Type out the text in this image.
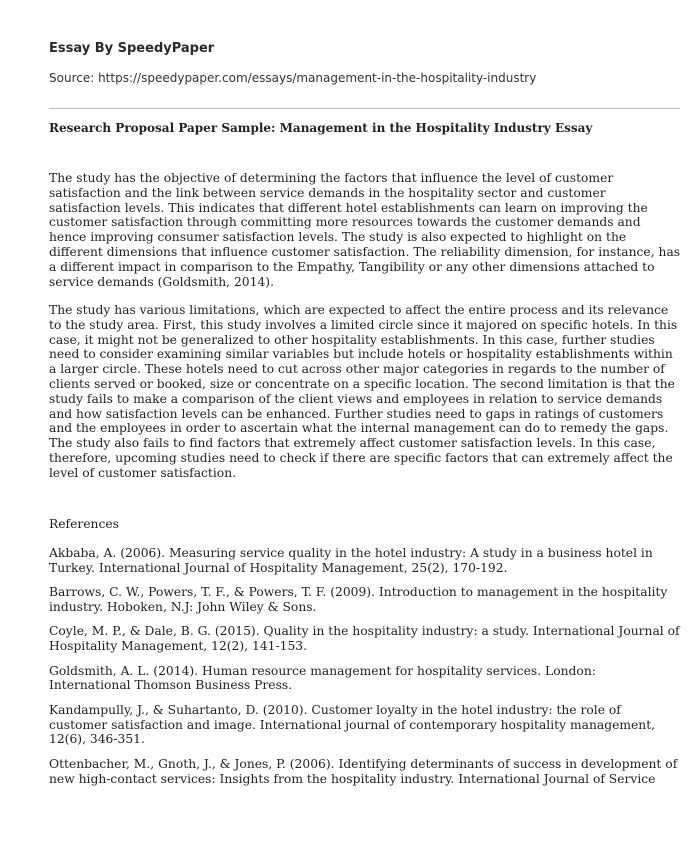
Essay By SpeedyPaper
Source: https://speedypaper.com/essays/management-in-the-hospitality-industry
Research Proposal Paper Sample: Management in the Hospitality Industry Essay

The study has the objective of determining the factors that influence the level of customer satisfaction and the link between service demands in the hospitality sector and customer satisfaction levels. This indicates that different hotel establishments can learn on improving the customer satisfaction through committing more resources towards the customer demands and hence improving consumer satisfaction levels. The study is also expected to highlight on the different dimensions that influence customer satisfaction. The reliability dimension, for instance, has a different impact in comparison to the Empathy, Tangibility or any other dimensions attached to service demands (Goldsmith, 2014).

The study has various limitations, which are expected to affect the entire process and its relevance to the study area. First, this study involves a limited circle since it majored on specific hotels. In this case, it might not be generalized to other hospitality establishments. In this case, further studies need to consider examining similar variables but include hotels or hospitality establishments within a larger circle. These hotels need to cut across other major categories in regards to the number of clients served or booked, size or concentrate on a specific location. The second limitation is that the study fails to make a comparison of the client views and employees in relation to service demands and how satisfaction levels can be enhanced. Further studies need to gaps in ratings of customers and the employees in order to ascertain what the internal management can do to remedy the gaps. The study also fails to find factors that extremely affect customer satisfaction levels. In this case, therefore, upcoming studies need to check if there are specific factors that can extremely affect the level of customer satisfaction.

References

Akbaba, A. (2006). Measuring service quality in the hotel industry: A study in a business hotel in Turkey. International Journal of Hospitality Management, 25(2), 170-192.

Barrows, C. W., Powers, T. F., & Powers, T. F. (2009). Introduction to management in the hospitality industry. Hoboken, N.J: John Wiley & Sons.

Coyle, M. P., & Dale, B. G. (2015). Quality in the hospitality industry: a study. International Journal of Hospitality Management, 12(2), 141-153.

Goldsmith, A. L. (2014). Human resource management for hospitality services. London: International Thomson Business Press.

Kandampully, J., & Suhartanto, D. (2010). Customer loyalty in the hotel industry: the role of customer satisfaction and image. International journal of contemporary hospitality management, 12(6), 346-351.

Ottenbacher, M., Gnoth, J., & Jones, P. (2006). Identifying determinants of success in development of new high-contact services: Insights from the hospitality industry. International Journal of Service
